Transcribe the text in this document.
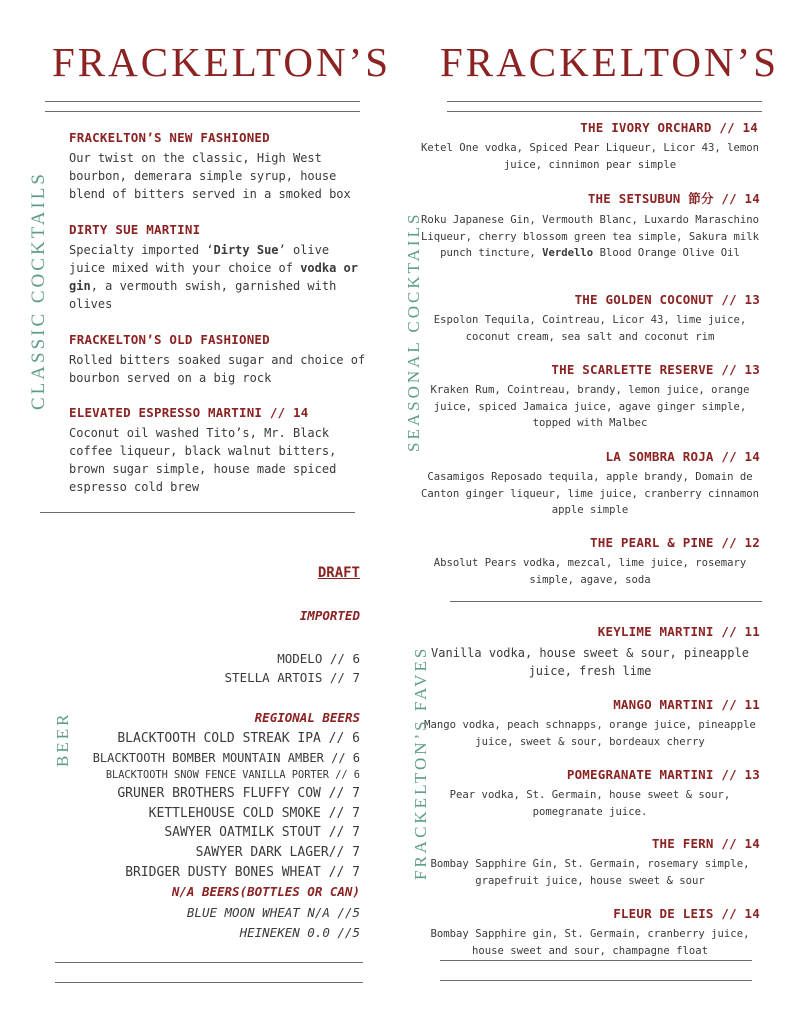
FRACKELTON’S FRACKELTON’S
CLASSIC COCKTAILS	SEASONAL COCKTAILS
FRACKELTON’S FAVES
BEER
FRACKELTON’S NEW FASHIONED
Our twist on the classic, High West bourbon, demerara simple syrup, house blend of bitters served in a smoked box
DIRTY SUE MARTINI
Specialty imported ‘Dirty Sue’ olive juice mixed with your choice of vodka or gin, a vermouth swish, garnished with olives
FRACKELTON’S OLD FASHIONED
Rolled bitters soaked sugar and choice of bourbon served on a big rock
ELEVATED ESPRESSO MARTINI // 14
Coconut oil washed Tito’s, Mr. Black coffee liqueur, black walnut bitters, brown sugar simple, house made spiced espresso cold brew
DRAFT
IMPORTED
MODELO // 6
STELLA ARTOIS // 7
REGIONAL BEERS
BLACKTOOTH COLD STREAK IPA // 6
BLACKTOOTH BOMBER MOUNTAIN AMBER // 6
BLACKTOOTH SNOW FENCE VANILLA PORTER // 6
GRUNER BROTHERS FLUFFY COW // 7
KETTLEHOUSE COLD SMOKE // 7
SAWYER OATMILK STOUT // 7
SAWYER DARK LAGER// 7
BRIDGER DUSTY BONES WHEAT // 7
N/A BEERS(BOTTLES OR CAN)
BLUE MOON WHEAT N/A //5
HEINEKEN 0.0 //5
THE IVORY ORCHARD // 14
Ketel One vodka, Spiced Pear Liqueur, Licor 43, lemon juice, cinnimon pear simple
THE SETSUBUN 節分 // 14
Roku Japanese Gin, Vermouth Blanc, Luxardo Maraschino Liqueur, cherry blossom green tea simple, Sakura milk punch tincture, Verdello Blood Orange Olive Oil
THE GOLDEN COCONUT // 13
Espolon Tequila, Cointreau, Licor 43, lime juice, coconut cream, sea salt and coconut rim
THE SCARLETTE RESERVE // 13
Kraken Rum, Cointreau, brandy, lemon juice, orange juice, spiced Jamaica juice, agave ginger simple, topped with Malbec
LA SOMBRA ROJA // 14
Casamigos Reposado tequila, apple brandy, Domain de Canton ginger liqueur, lime juice, cranberry cinnamon apple simple
THE PEARL & PINE // 12
Absolut Pears vodka, mezcal, lime juice, rosemary simple, agave, soda
KEYLIME MARTINI // 11
Vanilla vodka, house sweet & sour, pineapple juice, fresh lime
MANGO MARTINI // 11
Mango vodka, peach schnapps, orange juice, pineapple juice, sweet & sour, bordeaux cherry
POMEGRANATE MARTINI // 13
Pear vodka, St. Germain, house sweet & sour, pomegranate juice.
THE FERN // 14
Bombay Sapphire Gin, St. Germain, rosemary simple, grapefruit juice, house sweet & sour
FLEUR DE LEIS // 14
Bombay Sapphire gin, St. Germain, cranberry juice, house sweet and sour, champagne float
